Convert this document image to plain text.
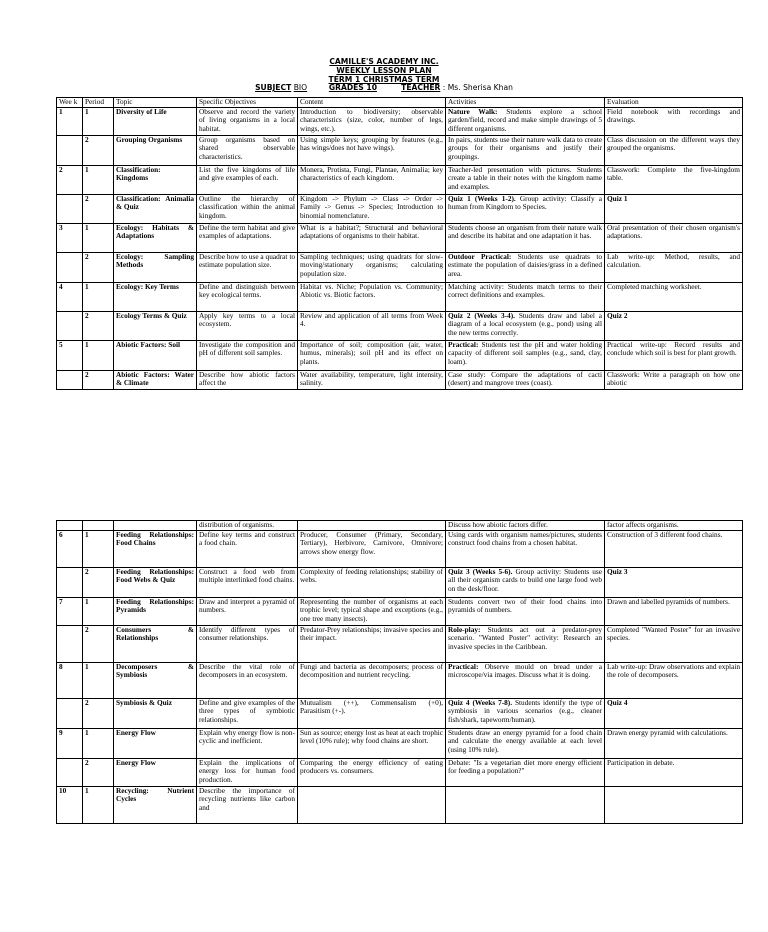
CAMILLE'S ACADEMY INC.
WEEKLY LESSON PLAN
TERM 1 CHRISTMAS TERM
SUBJECT BIO	GRADES 10	TEACHER : Ms. Sherisa Khan
Wee k	Period	Topic	Specific Objectives	Content	Activities	Evaluation
1	1	Diversity of Life	Observe and record the variety of living organisms in a local habitat.	Introduction to biodiversity; observable characteristics (size, color, number of legs, wings, etc.).	Nature Walk: Students explore a school garden/field, record and make simple drawings of 5 different organisms.	Field notebook with recordings and drawings.
	2	Grouping Organisms	Group organisms based on shared observable characteristics.	Using simple keys; grouping by features (e.g., has wings/does not have wings).	In pairs, students use their nature walk data to create groups for their organisms and justify their groupings.	Class discussion on the different ways they grouped the organisms.
2	1	Classification: Kingdoms	List the five kingdoms of life and give examples of each.	Monera, Protista, Fungi, Plantae, Animalia; key characteristics of each kingdom.	Teacher-led presentation with pictures. Students create a table in their notes with the kingdom name and examples.	Classwork: Complete the five-kingdom table.
	2	Classification: Animalia & Quiz	Outline the hierarchy of classification within the animal kingdom.	Kingdom -> Phylum -> Class -> Order -> Family -> Genus -> Species; Introduction to binomial nomenclature.	Quiz 1 (Weeks 1-2). Group activity: Classify a human from Kingdom to Species.	Quiz 1
3	1	Ecology: Habitats & Adaptations	Define the term habitat and give examples of adaptations.	What is a habitat?; Structural and behavioral adaptations of organisms to their habitat.	Students choose an organism from their nature walk and describe its habitat and one adaptation it has.	Oral presentation of their chosen organism's adaptations.
	2	Ecology: Sampling Methods	Describe how to use a quadrat to estimate population size.	Sampling techniques; using quadrats for slow-moving/stationary organisms; calculating population size.	Outdoor Practical: Students use quadrats to estimate the population of daisies/grass in a defined area.	Lab write-up: Method, results, and calculation.
4	1	Ecology: Key Terms	Define and distinguish between key ecological terms.	Habitat vs. Niche; Population vs. Community; Abiotic vs. Biotic factors.	Matching activity: Students match terms to their correct definitions and examples.	Completed matching worksheet.
	2	Ecology Terms & Quiz	Apply key terms to a local ecosystem.	Review and application of all terms from Week 4.	Quiz 2 (Weeks 3-4). Students draw and label a diagram of a local ecosystem (e.g., pond) using all the new terms correctly.	Quiz 2
5	1	Abiotic Factors: Soil	Investigate the composition and pH of different soil samples.	Importance of soil; composition (air, water, humus, minerals); soil pH and its effect on plants.	Practical: Students test the pH and water holding capacity of different soil samples (e.g., sand, clay, loam).	Practical write-up: Record results and conclude which soil is best for plant growth.
	2	Abiotic Factors: Water & Climate	Describe how abiotic factors affect the	Water availability, temperature, light intensity, salinity.	Case study: Compare the adaptations of cacti (desert) and mangrove trees (coast).	Classwork: Write a paragraph on how one abiotic
			distribution of organisms.		Discuss how abiotic factors differ.	factor affects organisms.
6	1	Feeding Relationships: Food Chains	Define key terms and construct a food chain.	Producer, Consumer (Primary, Secondary, Tertiary), Herbivore, Carnivore, Omnivore; arrows show energy flow.	Using cards with organism names/pictures, students construct food chains from a chosen habitat.	Construction of 3 different food chains.
	2	Feeding Relationships: Food Webs & Quiz	Construct a food web from multiple interlinked food chains.	Complexity of feeding relationships; stability of webs.	Quiz 3 (Weeks 5-6). Group activity: Students use all their organism cards to build one large food web on the desk/floor.	Quiz 3
7	1	Feeding Relationships: Pyramids	Draw and interpret a pyramid of numbers.	Representing the number of organisms at each trophic level; typical shape and exceptions (e.g., one tree many insects).	Students convert two of their food chains into pyramids of numbers.	Drawn and labelled pyramids of numbers.
	2	Consumers & Relationships	Identify different types of consumer relationships.	Predator-Prey relationships; invasive species and their impact.	Role-play: Students act out a predator-prey scenario. "Wanted Poster" activity: Research an invasive species in the Caribbean.	Completed "Wanted Poster" for an invasive species.
8	1	Decomposers & Symbiosis	Describe the vital role of decomposers in an ecosystem.	Fungi and bacteria as decomposers; process of decomposition and nutrient recycling.	Practical: Observe mould on bread under a microscope/via images. Discuss what it is doing.	Lab write-up: Draw observations and explain the role of decomposers.
	2	Symbiosis & Quiz	Define and give examples of the three types of symbiotic relationships.	Mutualism (++), Commensalism (+0), Parasitism (+-).	Quiz 4 (Weeks 7-8). Students identify the type of symbiosis in various scenarios (e.g., cleaner fish/shark, tapeworm/human).	Quiz 4
9	1	Energy Flow	Explain why energy flow is non-cyclic and inefficient.	Sun as source; energy lost as heat at each trophic level (10% rule); why food chains are short.	Students draw an energy pyramid for a food chain and calculate the energy available at each level (using 10% rule).	Drawn energy pyramid with calculations.
	2	Energy Flow	Explain the implications of energy loss for human food production.	Comparing the energy efficiency of eating producers vs. consumers.	Debate: "Is a vegetarian diet more energy efficient for feeding a population?"	Participation in debate.
10	1	Recycling: Nutrient Cycles	Describe the importance of recycling nutrients like carbon and			
